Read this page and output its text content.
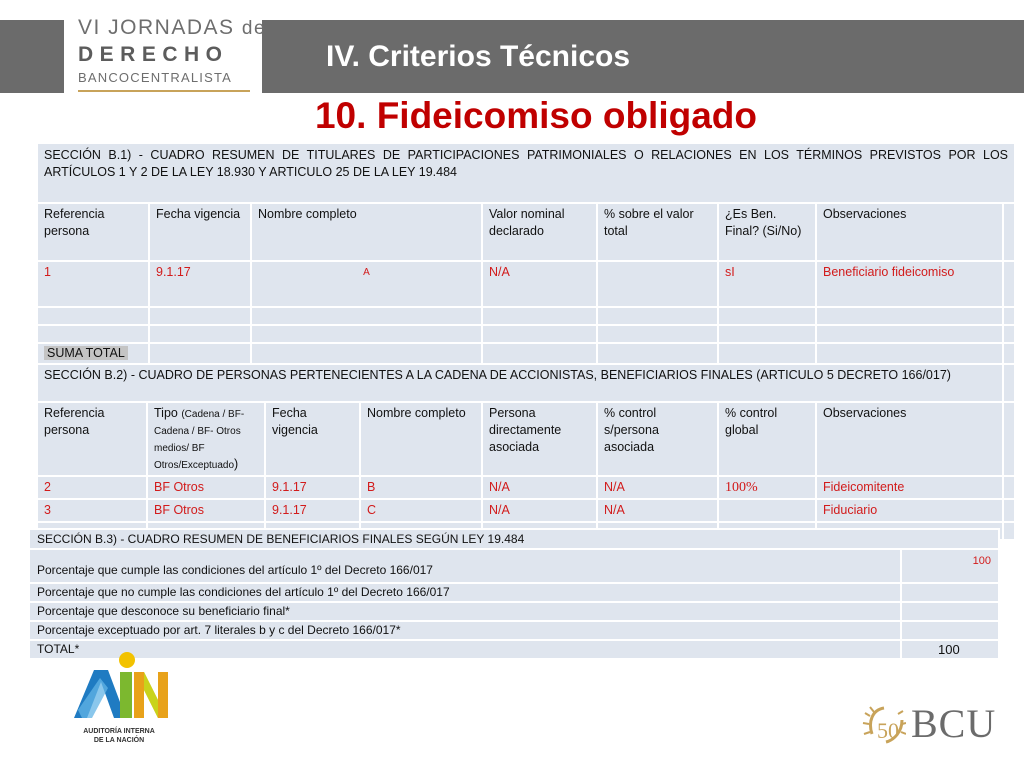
VI JORNADAS de
DERECHO
BANCOCENTRALISTA
IV. Criterios Técnicos
10. Fideicomiso obligado
SECCIÓN B.1) - CUADRO RESUMEN DE TITULARES DE PARTICIPACIONES PATRIMONIALES O RELACIONES EN LOS TÉRMINOS PREVISTOS POR LOS ARTÍCULOS 1 Y 2 DE LA LEY 18.930 Y ARTICULO 25 DE LA LEY 19.484										
Referencia persona		Fecha vigencia	Nombre completo			Valor nominal declarado	% sobre el valor total	¿Es Ben. Final? (Si/No)	Observaciones	
1		9.1.17	A			N/A		sI	Beneficiario fideicomiso	

SUMA TOTAL										
SECCIÓN B.2) - CUADRO DE PERSONAS PERTENECIENTES A LA CADENA DE ACCIONISTAS, BENEFICIARIOS FINALES (ARTICULO 5 DECRETO 166/017)										
Referencia persona	Tipo (Cadena / BF-Cadena / BF- Otros medios/ BF Otros/Exceptuado)			Fecha vigencia	Nombre completo	Persona directamente asociada	% control s/persona asociada	% control global	Observaciones	
2	BF Otros			9.1.17	B	N/A	N/A	100%	Fideicomitente	
3	BF Otros			9.1.17	C	N/A	N/A		Fiduciario	

SECCIÓN B.3) - CUADRO RESUMEN DE BENEFICIARIOS FINALES SEGÚN LEY 19.484	
Porcentaje que cumple las condiciones del artículo 1º del Decreto 166/017	100
Porcentaje que no cumple las condiciones del artículo 1º del Decreto 166/017	
Porcentaje que desconoce su beneficiario final*	
Porcentaje exceptuado por art. 7 literales b y c del Decreto 166/017*	
TOTAL*	100
AUDITORÍA INTERNA
DE LA NACIÓN	50 BCU
